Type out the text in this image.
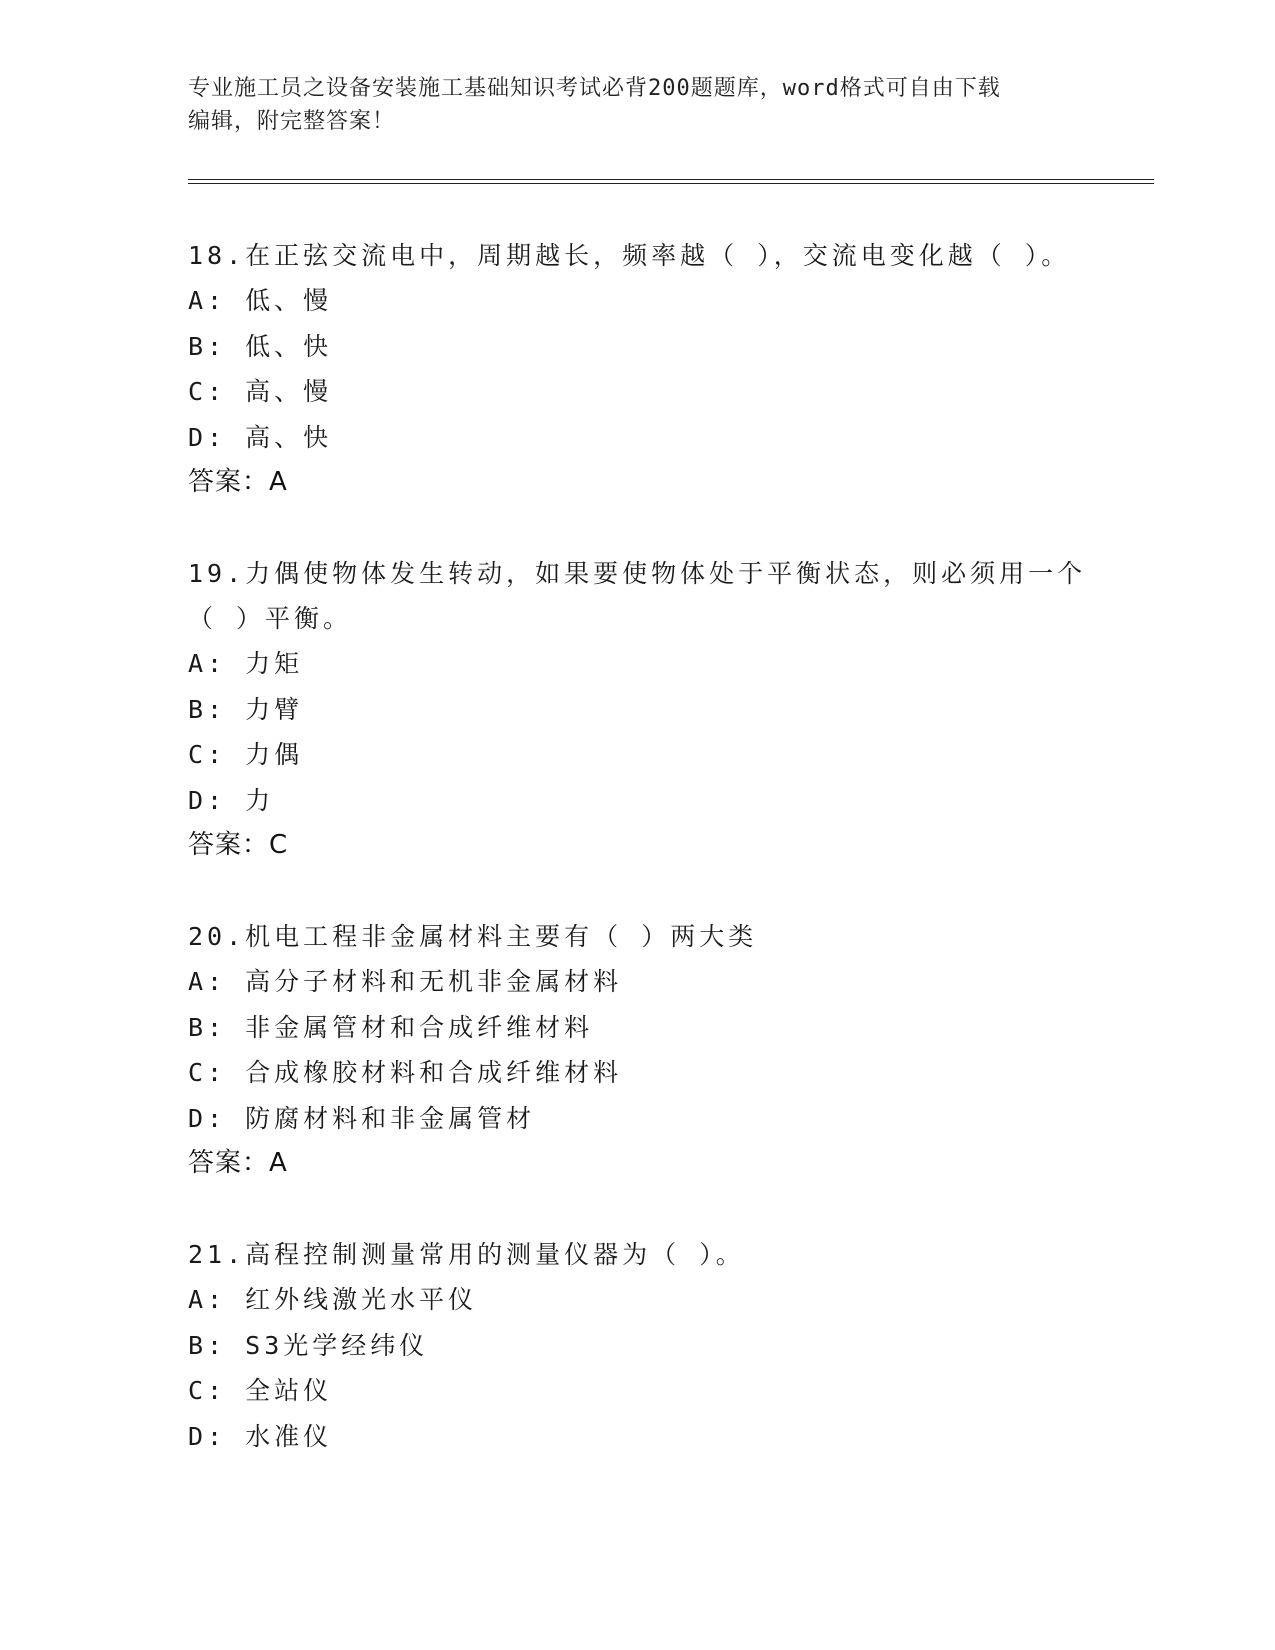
专业施工员之设备安装施工基础知识考试必背200题题库，word格式可自由下载
编辑，附完整答案！

18.在正弦交流电中，周期越长，频率越（ ），交流电变化越（ ）。

A: 低、慢

B: 低、快

C: 高、慢

D: 高、快

答案：A

19.力偶使物体发生转动，如果要使物体处于平衡状态，则必须用一个（ ）平衡。

A: 力矩

B: 力臂

C: 力偶

D: 力

答案：C

20.机电工程非金属材料主要有（ ）两大类

A: 高分子材料和无机非金属材料

B: 非金属管材和合成纤维材料

C: 合成橡胶材料和合成纤维材料

D: 防腐材料和非金属管材

答案：A

21.高程控制测量常用的测量仪器为（ ）。

A: 红外线激光水平仪

B: S3光学经纬仪

C: 全站仪

D: 水准仪
